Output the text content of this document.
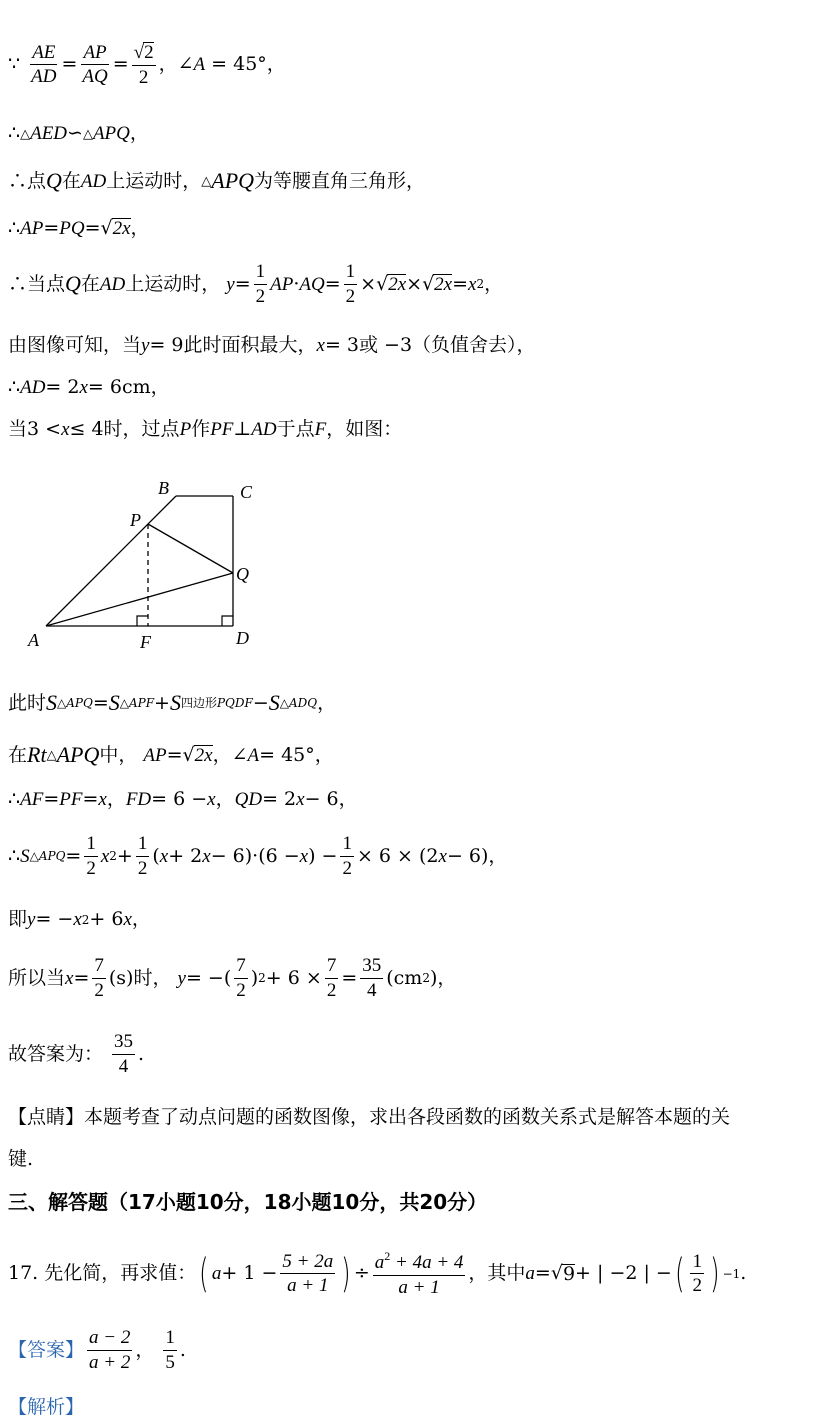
∵ $\frac{AE}{AD} = \frac{AP}{AQ} = \frac{√2}{2}$ ，∠A = 45°，
∴ △ AED ∽ △ APQ ，
∴点 Q 在 AD 上运动时， △ APQ 为等腰直角三角形，
∴ AP = PQ = √ 2x ，
∴当点 Q 在 AD 上运动时， $y = \frac{1}{2}$ AP · AQ = $\frac{1}{2}$ × √ 2x × √ 2x = x 2 ，
由图像可知，当 y = 9此时面积最大， x = 3或 −3（负值舍去），
∴ AD = 2 x = 6cm，
当3 < x ≤ 4时，过点 P 作 PF ⊥ AD 于点 F ，如图：
A
B	C
D
F
P
Q
此时 S △APQ = S △APF + S 四边形PQDF − S △ADQ ，
在 Rt △ APQ 中， AP = √ 2x ，∠ A = 45°，
∴ AF = PF = x ， FD = 6 − x ， QD = 2 x − 6，
∴ S △APQ = $\frac{1}{2}$ x $2 + \frac{1}{2}$ ( x + 2 x − 6)·(6 − x ) − $\frac{1}{2} \times 6 \times (2$ x − 6)，
即 y = − x 2 + 6 x ，
所以当 $x = \frac{7}{2} (s)$时， y = −( $\frac{7}{2}$ ) $2 + 6 \times \frac{7}{2} = \frac{35}{4} (cm$ 2 )，
故答案为： $\frac{35}{4}$ .
【点睛】本题考查了动点问题的函数图像，求出各段函数的函数关系式是解答本题的关
键.
三、解答题（17小题10分，18小题10分，共20分）
17. 先化简，再求值： ( $a + 1 - \frac{5 + 2a}{a + 1}$ ) ÷ $\frac{a^2 + 4a + 4}{a + 1}$ ，其中 a = √ 9 + | −2 | − ( $\frac{1}{2}$ ) −1 .
【答案】 $\frac{a - 2}{a + 2}$ ， $\frac{1}{5}$ .
【解析】
